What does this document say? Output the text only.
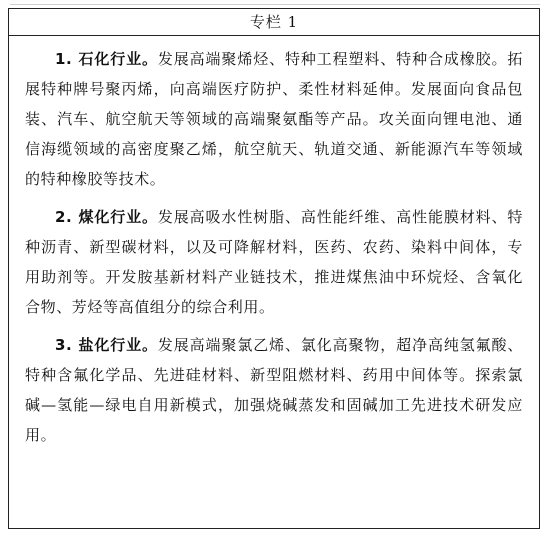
专栏 1

1. 石化行业。发展高端聚烯烃、特种工程塑料、特种合成橡胶。拓展特种牌号聚丙烯，向高端医疗防护、柔性材料延伸。发展面向食品包装、汽车、航空航天等领域的高端聚氨酯等产品。攻关面向锂电池、通信海缆领域的高密度聚乙烯，航空航天、轨道交通、新能源汽车等领域的特种橡胶等技术。

2. 煤化行业。发展高吸水性树脂、高性能纤维、高性能膜材料、特种沥青、新型碳材料，以及可降解材料，医药、农药、染料中间体，专用助剂等。开发胺基新材料产业链技术，推进煤焦油中环烷烃、含氧化合物、芳烃等高值组分的综合利用。

3. 盐化行业。发展高端聚氯乙烯、氯化高聚物，超净高纯氢氟酸、特种含氟化学品、先进硅材料、新型阻燃材料、药用中间体等。探索氯碱—氢能—绿电自用新模式，加强烧碱蒸发和固碱加工先进技术研发应用。
